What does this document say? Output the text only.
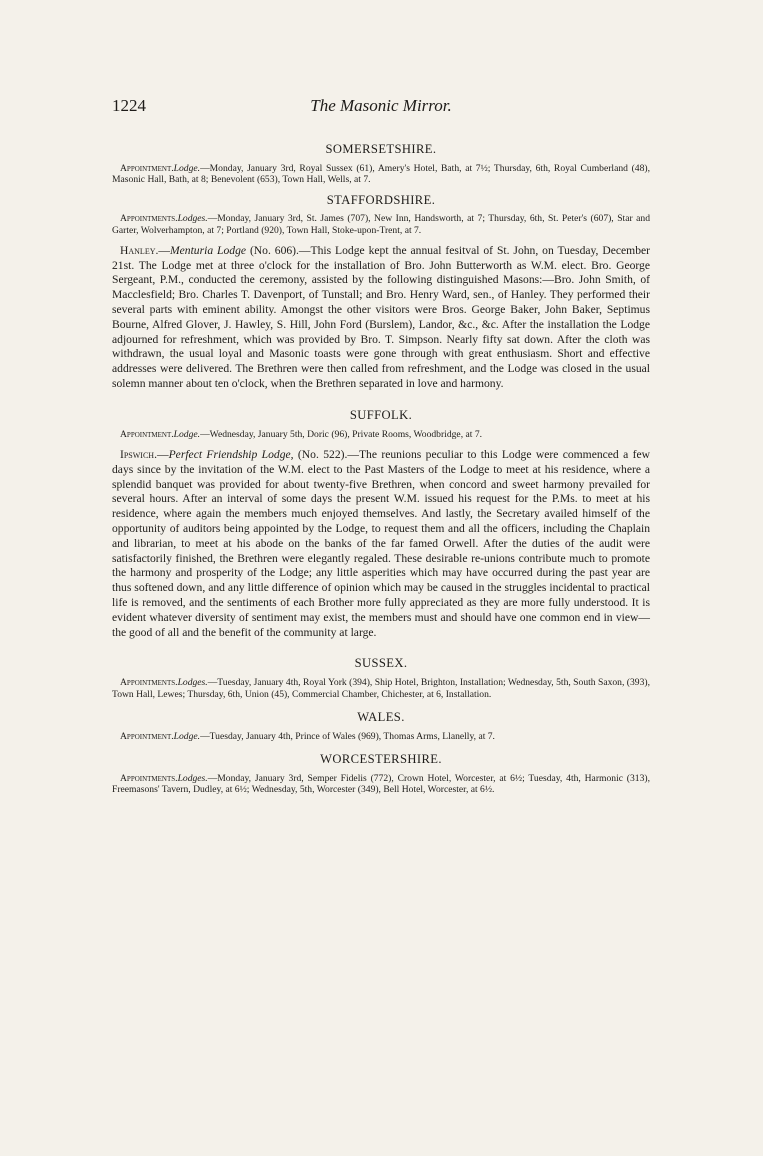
1224	The Masonic Mirror.
SOMERSETSHIRE.

Appointment.Lodge.—Monday, January 3rd, Royal Sussex (61), Amery's Hotel, Bath, at 7½; Thursday, 6th, Royal Cumberland (48), Masonic Hall, Bath, at 8; Benevolent (653), Town Hall, Wells, at 7.

STAFFORDSHIRE.

Appointments.Lodges.—Monday, January 3rd, St. James (707), New Inn, Handsworth, at 7; Thursday, 6th, St. Peter's (607), Star and Garter, Wolverhampton, at 7; Portland (920), Town Hall, Stoke-upon-Trent, at 7.

Hanley.—Menturia Lodge (No. 606).—This Lodge kept the annual fesitval of St. John, on Tuesday, December 21st. The Lodge met at three o'clock for the installation of Bro. John Butterworth as W.M. elect. Bro. George Sergeant, P.M., conducted the ceremony, assisted by the following distinguished Masons:—Bro. John Smith, of Macclesfield; Bro. Charles T. Davenport, of Tunstall; and Bro. Henry Ward, sen., of Hanley. They performed their several parts with eminent ability. Amongst the other visitors were Bros. George Baker, John Baker, Septimus Bourne, Alfred Glover, J. Hawley, S. Hill, John Ford (Burslem), Landor, &c., &c. After the installation the Lodge adjourned for refreshment, which was provided by Bro. T. Simpson. Nearly fifty sat down. After the cloth was withdrawn, the usual loyal and Masonic toasts were gone through with great enthusiasm. Short and effective addresses were delivered. The Brethren were then called from refreshment, and the Lodge was closed in the usual solemn manner about ten o'clock, when the Brethren separated in love and harmony.

SUFFOLK.

Appointment.Lodge.—Wednesday, January 5th, Doric (96), Private Rooms, Woodbridge, at 7.

Ipswich.—Perfect Friendship Lodge, (No. 522).—The reunions peculiar to this Lodge were commenced a few days since by the invitation of the W.M. elect to the Past Masters of the Lodge to meet at his residence, where a splendid banquet was provided for about twenty-five Brethren, when concord and sweet harmony prevailed for several hours. After an interval of some days the present W.M. issued his request for the P.Ms. to meet at his residence, where again the members much enjoyed themselves. And lastly, the Secretary availed himself of the opportunity of auditors being appointed by the Lodge, to request them and all the officers, including the Chaplain and librarian, to meet at his abode on the banks of the far famed Orwell. After the duties of the audit were satisfactorily finished, the Brethren were elegantly regaled. These desirable re-unions contribute much to promote the harmony and prosperity of the Lodge; any little asperities which may have occurred during the past year are thus softened down, and any little difference of opinion which may be caused in the struggles incidental to practical life is removed, and the sentiments of each Brother more fully appreciated as they are more fully understood. It is evident whatever diversity of sentiment may exist, the members must and should have one common end in view—the good of all and the benefit of the community at large.

SUSSEX.

Appointments.Lodges.—Tuesday, January 4th, Royal York (394), Ship Hotel, Brighton, Installation; Wednesday, 5th, South Saxon, (393), Town Hall, Lewes; Thursday, 6th, Union (45), Commercial Chamber, Chichester, at 6, Installation.

WALES.

Appointment.Lodge.—Tuesday, January 4th, Prince of Wales (969), Thomas Arms, Llanelly, at 7.

WORCESTERSHIRE.

Appointments.Lodges.—Monday, January 3rd, Semper Fidelis (772), Crown Hotel, Worcester, at 6½; Tuesday, 4th, Harmonic (313), Freemasons' Tavern, Dudley, at 6½; Wednesday, 5th, Worcester (349), Bell Hotel, Worcester, at 6½.
